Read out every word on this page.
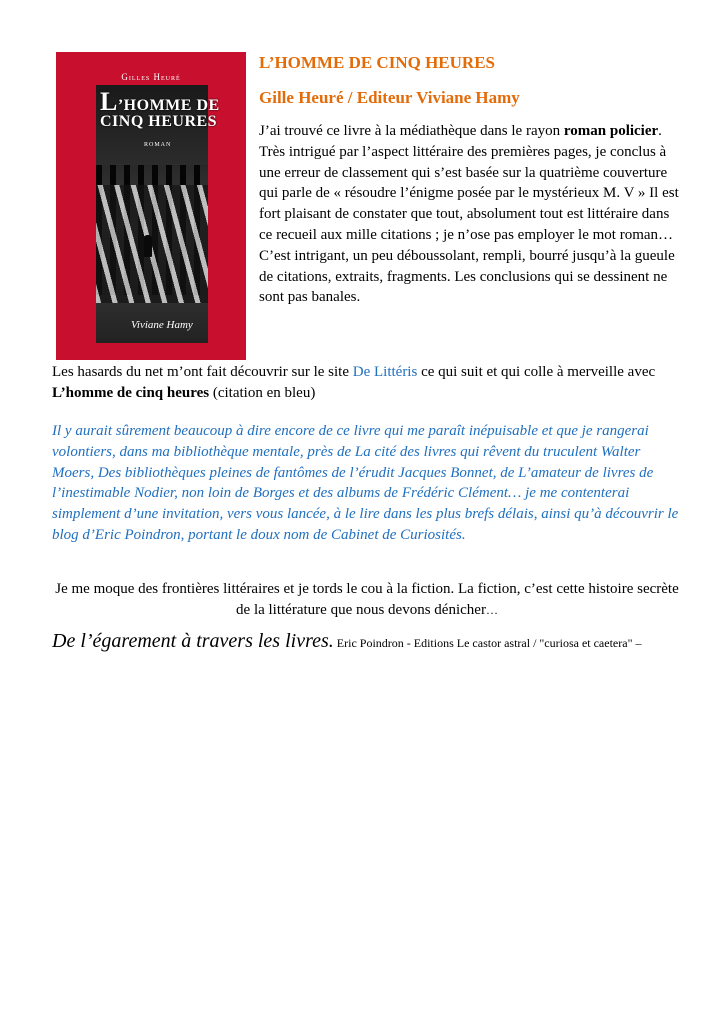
Gilles Heuré
L’HOMME DE
CINQ HEURES
ROMAN
Viviane Hamy
L’HOMME DE CINQ HEURES
Gille Heuré / Editeur Viviane Hamy
J’ai trouvé ce livre à la médiathèque dans le rayon roman policier. Très intrigué par l’aspect littéraire des premières pages, je conclus à une erreur de classement qui s’est basée sur la quatrième couverture qui parle de « résoudre l’énigme posée par le mystérieux M. V » Il est fort plaisant de constater que tout, absolument tout est littéraire dans ce recueil aux mille citations ; je n’ose pas employer le mot roman… C’est intrigant, un peu déboussolant, rempli, bourré jusqu’à la gueule de citations, extraits, fragments. Les conclusions qui se dessinent ne sont pas banales.
Les hasards du net m’ont fait découvrir sur le site De Littéris ce qui suit et qui colle à merveille avec L’homme de cinq heures (citation en bleu)
Il y aurait sûrement beaucoup à dire encore de ce livre qui me paraît inépuisable et que je rangerai volontiers, dans ma bibliothèque mentale, près de La cité des livres qui rêvent du truculent Walter Moers, Des bibliothèques pleines de fantômes de l’érudit Jacques Bonnet, de L’amateur de livres de l’inestimable Nodier, non loin de Borges et des albums de Frédéric Clément… je me contenterai simplement d’une invitation, vers vous lancée, à le lire dans les plus brefs délais, ainsi qu’à découvrir le blog d’Eric Poindron, portant le doux nom de Cabinet de Curiosités.
Je me moque des frontières littéraires et je tords le cou à la fiction. La fiction, c’est cette histoire secrète de la littérature que nous devons dénicher…
De l’égarement à travers les livres. Eric Poindron - Editions Le castor astral / "curiosa et caetera" –
